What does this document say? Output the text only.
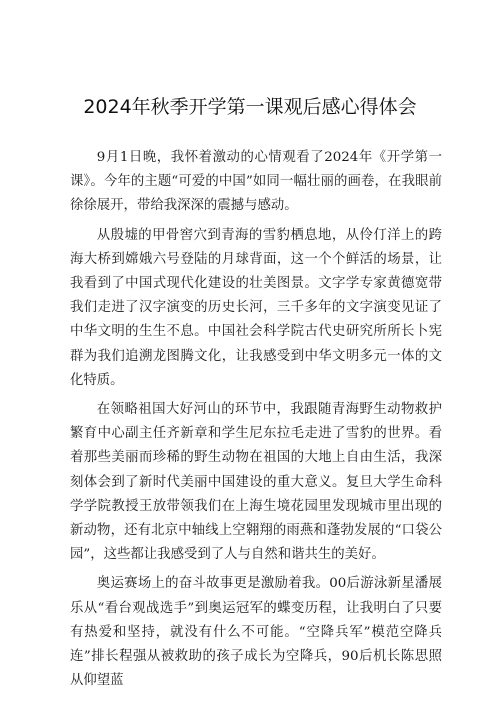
2024年秋季开学第一课观后感心得体会

9月1日晚，我怀着激动的心情观看了2024年《开学第一课》。今年的主题“可爱的中国”如同一幅壮丽的画卷，在我眼前徐徐展开，带给我深深的震撼与感动。

从殷墟的甲骨窖穴到青海的雪豹栖息地，从伶仃洋上的跨海大桥到嫦娥六号登陆的月球背面，这一个个鲜活的场景，让我看到了中国式现代化建设的壮美图景。文字学专家黄德宽带我们走进了汉字演变的历史长河，三千多年的文字演变见证了中华文明的生生不息。中国社会科学院古代史研究所所长卜宪群为我们追溯龙图腾文化，让我感受到中华文明多元一体的文化特质。

在领略祖国大好河山的环节中，我跟随青海野生动物救护繁育中心副主任齐新章和学生尼东拉毛走进了雪豹的世界。看着那些美丽而珍稀的野生动物在祖国的大地上自由生活，我深刻体会到了新时代美丽中国建设的重大意义。复旦大学生命科学学院教授王放带领我们在上海生境花园里发现城市里出现的新动物，还有北京中轴线上空翱翔的雨燕和蓬勃发展的“口袋公园”，这些都让我感受到了人与自然和谐共生的美好。

奥运赛场上的奋斗故事更是激励着我。00后游泳新星潘展乐从“看台观战选手”到奥运冠军的蝶变历程，让我明白了只要有热爱和坚持，就没有什么不可能。“空降兵军”模范空降兵连”排长程强从被救助的孩子成长为空降兵，90后机长陈思照从仰望蓝
